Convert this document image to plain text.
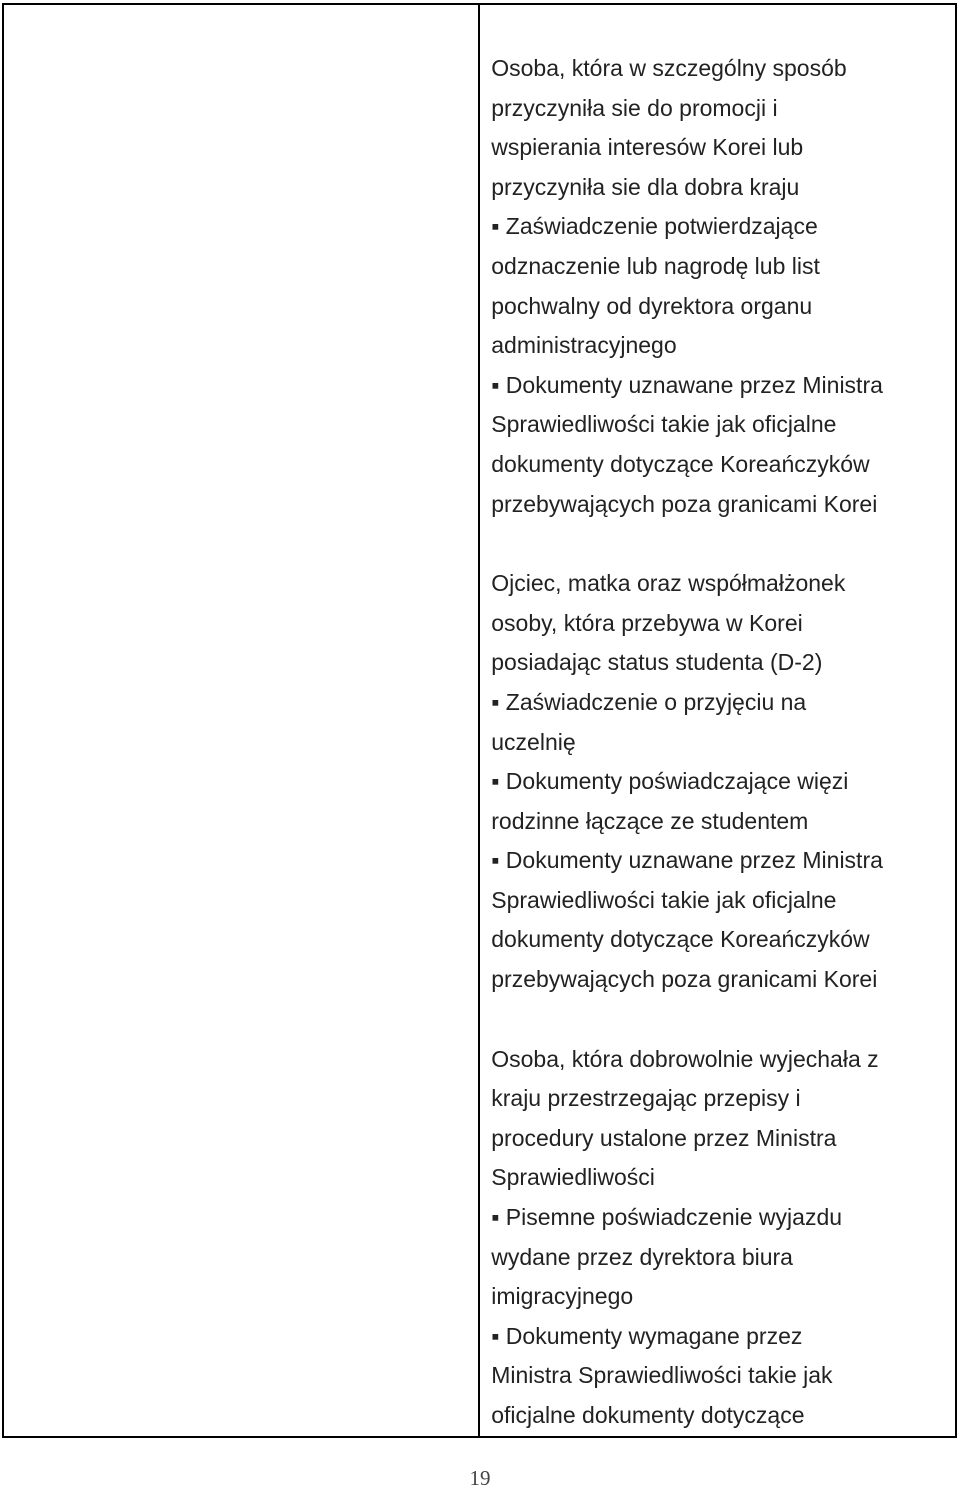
Osoba, która w szczególny sposób
przyczyniła sie do promocji i
wspierania interesów Korei lub
przyczyniła sie dla dobra kraju
▪ Zaświadczenie potwierdzające
odznaczenie lub nagrodę lub list
pochwalny od dyrektora organu
administracyjnego
▪ Dokumenty uznawane przez Ministra
Sprawiedliwości takie jak oficjalne
dokumenty dotyczące Koreańczyków
przebywających poza granicami Korei
Ojciec, matka oraz współmałżonek
osoby, która przebywa w Korei
posiadając status studenta (D-2)
▪ Zaświadczenie o przyjęciu na
uczelnię
▪ Dokumenty poświadczające więzi
rodzinne łączące ze studentem
▪ Dokumenty uznawane przez Ministra
Sprawiedliwości takie jak oficjalne
dokumenty dotyczące Koreańczyków
przebywających poza granicami Korei
Osoba, która dobrowolnie wyjechała z
kraju przestrzegając przepisy i
procedury ustalone przez Ministra
Sprawiedliwości
▪ Pisemne poświadczenie wyjazdu
wydane przez dyrektora biura
imigracyjnego
▪ Dokumenty wymagane przez
Ministra Sprawiedliwości takie jak
oficjalne dokumenty dotyczące
19
